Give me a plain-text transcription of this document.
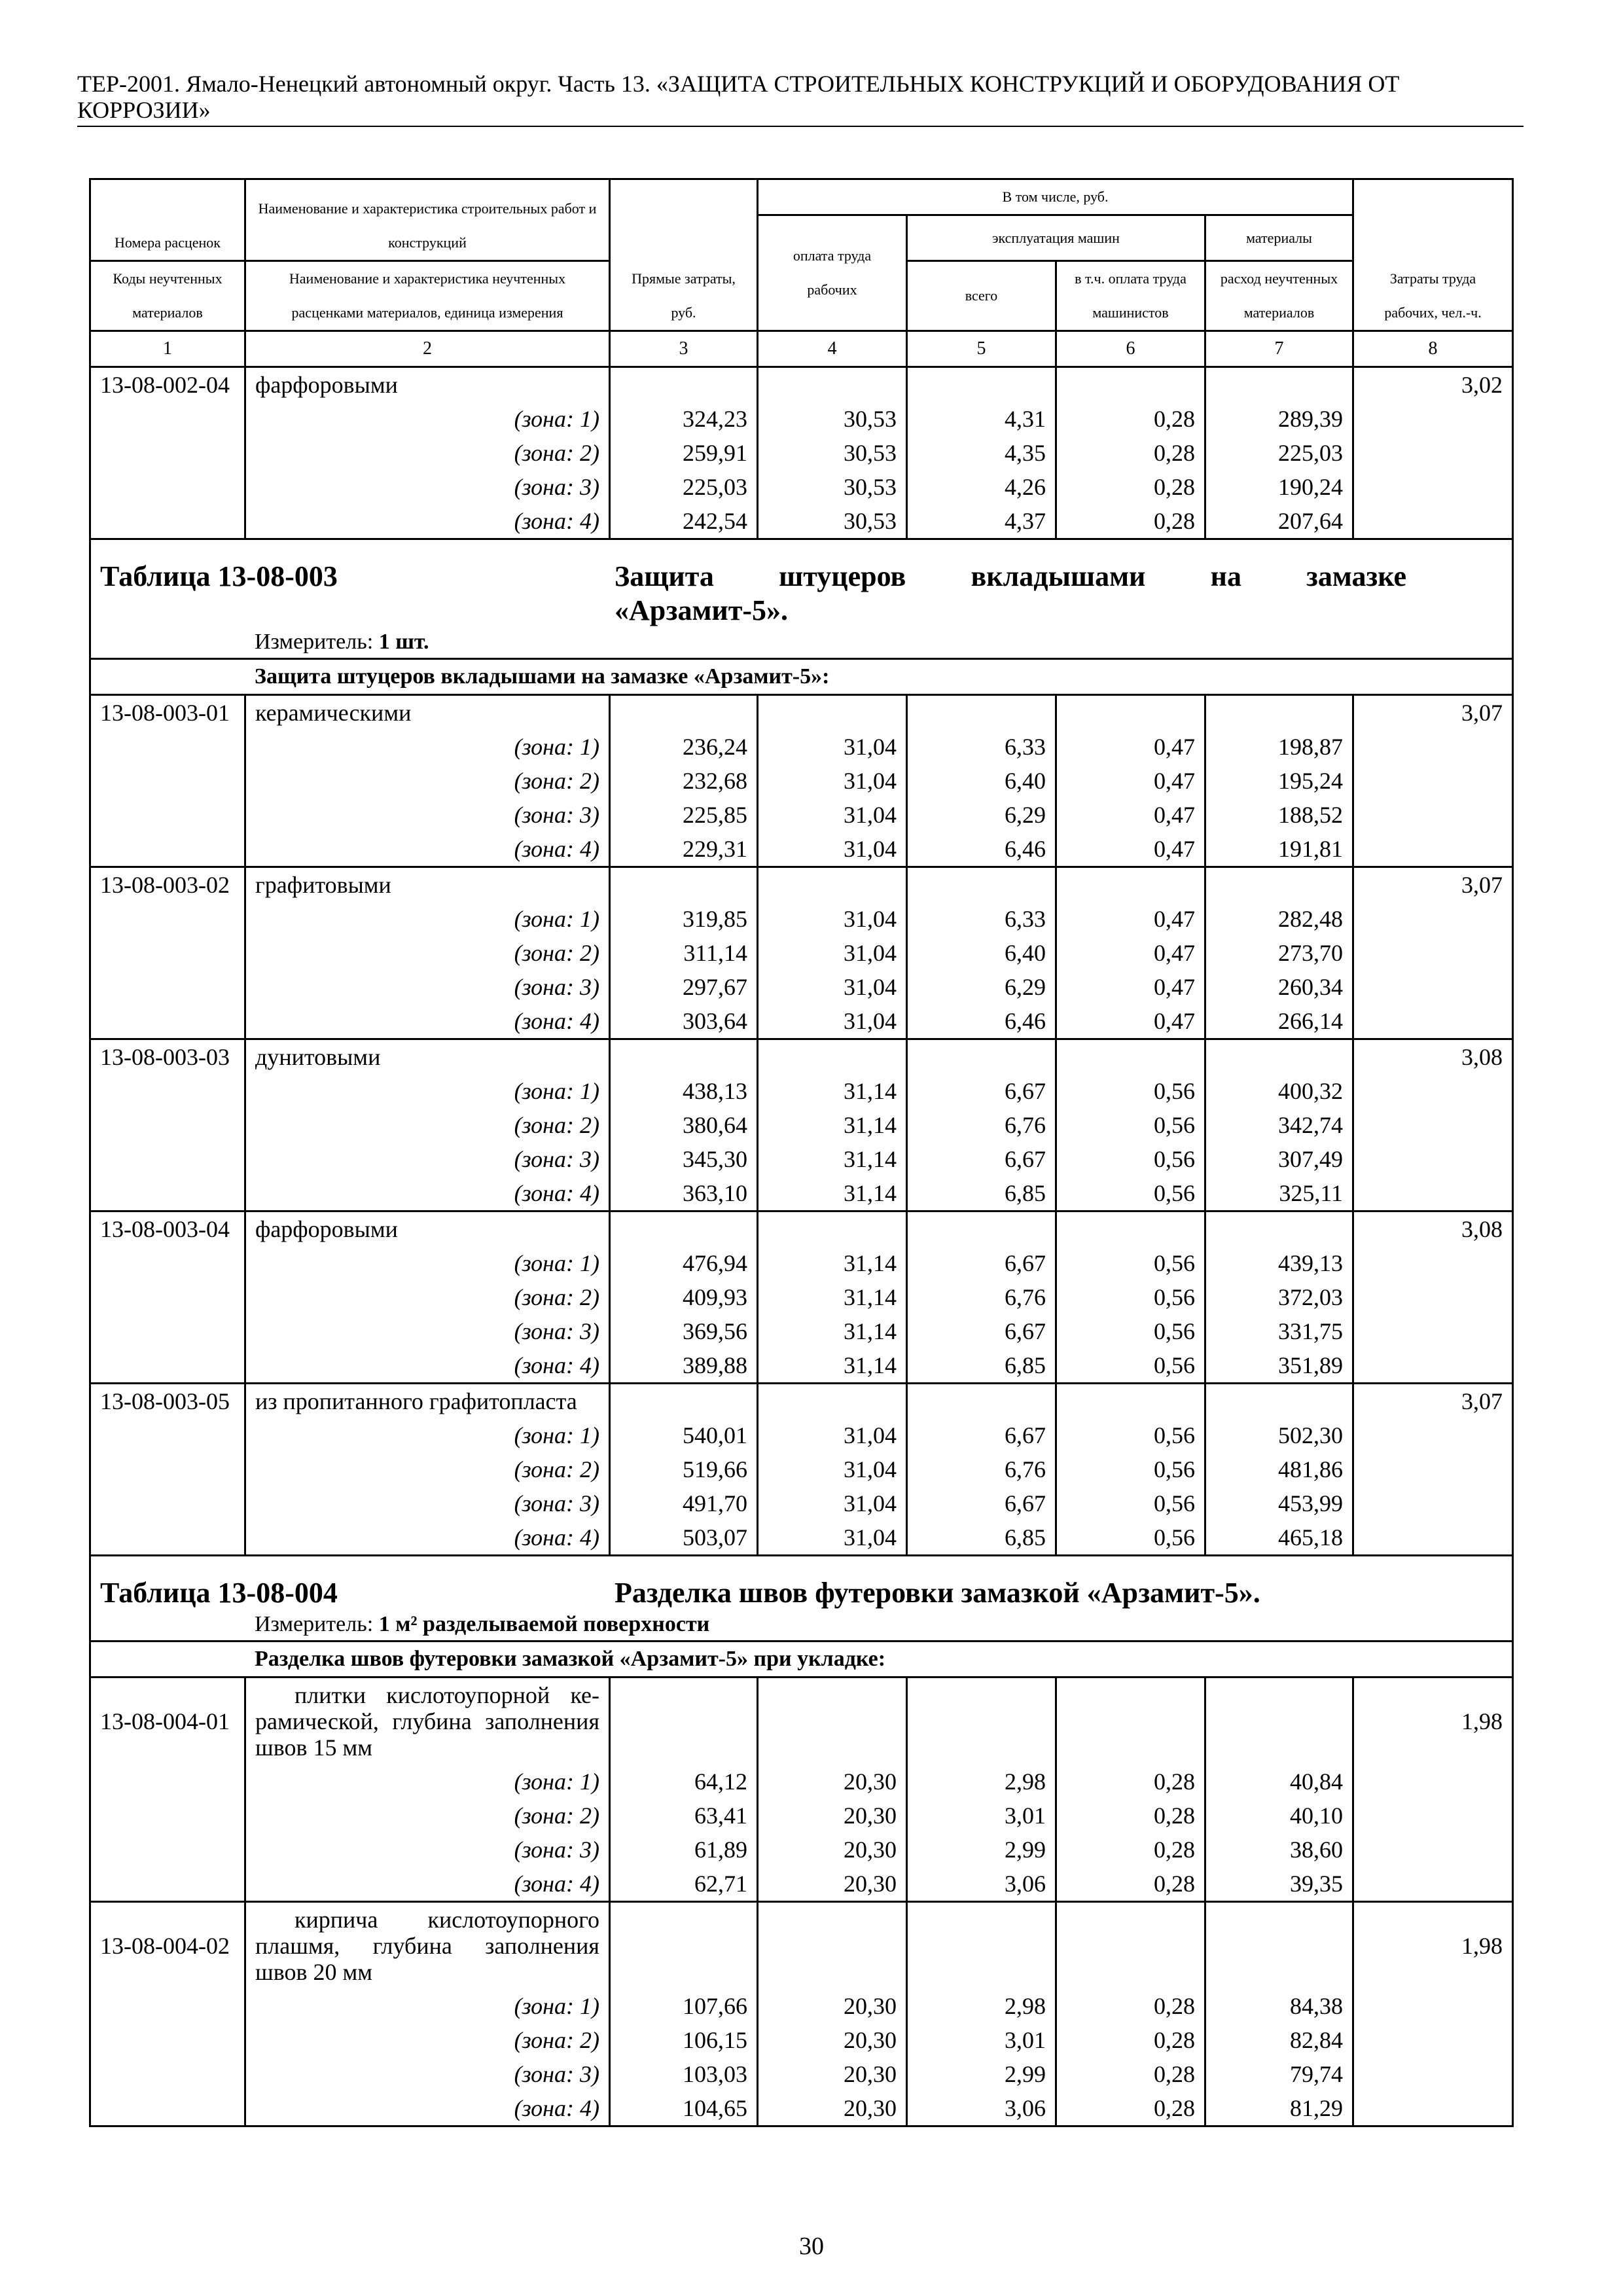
ТЕР-2001. Ямало-Ненецкий автономный округ. Часть 13. «ЗАЩИТА СТРОИТЕЛЬНЫХ КОНСТРУКЦИЙ И ОБОРУДОВАНИЯ ОТ
КОРРОЗИИ»
Номера расценок	Наименование и характеристика строительных работ и конструкций	Прямые затраты, руб.	В том числе, руб.				Затраты труда рабочих, чел.-ч.
			оплата труда рабочих	эксплуатация машин		материалы	
Коды неучтенных материалов	Наименование и характеристика неучтенных расценками материалов, единица измерения			всего	в т.ч. оплата труда машинистов	расход неучтенных материалов	

1	2	3	4	5	6	7	8
13-08-002-04	фарфоровыми						3,02
	(зона: 1)	324,23	30,53	4,31	0,28	289,39	
	(зона: 2)	259,91	30,53	4,35	0,28	225,03	
	(зона: 3)	225,03	30,53	4,26	0,28	190,24	
	(зона: 4)	242,54	30,53	4,37	0,28	207,64	

Таблица 13-08-003 Защита штуцеров вкладышами на замазке
«Арзамит-5».
Измеритель: 1 шт.							

Защита штуцеров вкладышами на замазке «Арзамит-5»:							
13-08-003-01	керамическими						3,07
	(зона: 1)	236,24	31,04	6,33	0,47	198,87	
	(зона: 2)	232,68	31,04	6,40	0,47	195,24	
	(зона: 3)	225,85	31,04	6,29	0,47	188,52	
	(зона: 4)	229,31	31,04	6,46	0,47	191,81	
13-08-003-02	графитовыми						3,07
	(зона: 1)	319,85	31,04	6,33	0,47	282,48	
	(зона: 2)	311,14	31,04	6,40	0,47	273,70	
	(зона: 3)	297,67	31,04	6,29	0,47	260,34	
	(зона: 4)	303,64	31,04	6,46	0,47	266,14	
13-08-003-03	дунитовыми						3,08
	(зона: 1)	438,13	31,14	6,67	0,56	400,32	
	(зона: 2)	380,64	31,14	6,76	0,56	342,74	
	(зона: 3)	345,30	31,14	6,67	0,56	307,49	
	(зона: 4)	363,10	31,14	6,85	0,56	325,11	
13-08-003-04	фарфоровыми						3,08
	(зона: 1)	476,94	31,14	6,67	0,56	439,13	
	(зона: 2)	409,93	31,14	6,76	0,56	372,03	
	(зона: 3)	369,56	31,14	6,67	0,56	331,75	
	(зона: 4)	389,88	31,14	6,85	0,56	351,89	
13-08-003-05	из пропитанного графитопласта						3,07
	(зона: 1)	540,01	31,04	6,67	0,56	502,30	
	(зона: 2)	519,66	31,04	6,76	0,56	481,86	
	(зона: 3)	491,70	31,04	6,67	0,56	453,99	
	(зона: 4)	503,07	31,04	6,85	0,56	465,18	

Таблица 13-08-004 Разделка швов футеровки замазкой «Арзамит-5».
Измеритель: 1 м² разделываемой поверхности							

Разделка швов футеровки замазкой «Арзамит-5» при укладке:							
13-08-004-01	плитки кислотоупорной ке-
рамической, глубина заполнения
швов 15 мм						1,98
	(зона: 1)	64,12	20,30	2,98	0,28	40,84	
	(зона: 2)	63,41	20,30	3,01	0,28	40,10	
	(зона: 3)	61,89	20,30	2,99	0,28	38,60	
	(зона: 4)	62,71	20,30	3,06	0,28	39,35	
13-08-004-02	кирпича кислотоупорного
плашмя, глубина заполнения
швов 20 мм						1,98
	(зона: 1)	107,66	20,30	2,98	0,28	84,38	
	(зона: 2)	106,15	20,30	3,01	0,28	82,84	
	(зона: 3)	103,03	20,30	2,99	0,28	79,74	
	(зона: 4)	104,65	20,30	3,06	0,28	81,29	
30
